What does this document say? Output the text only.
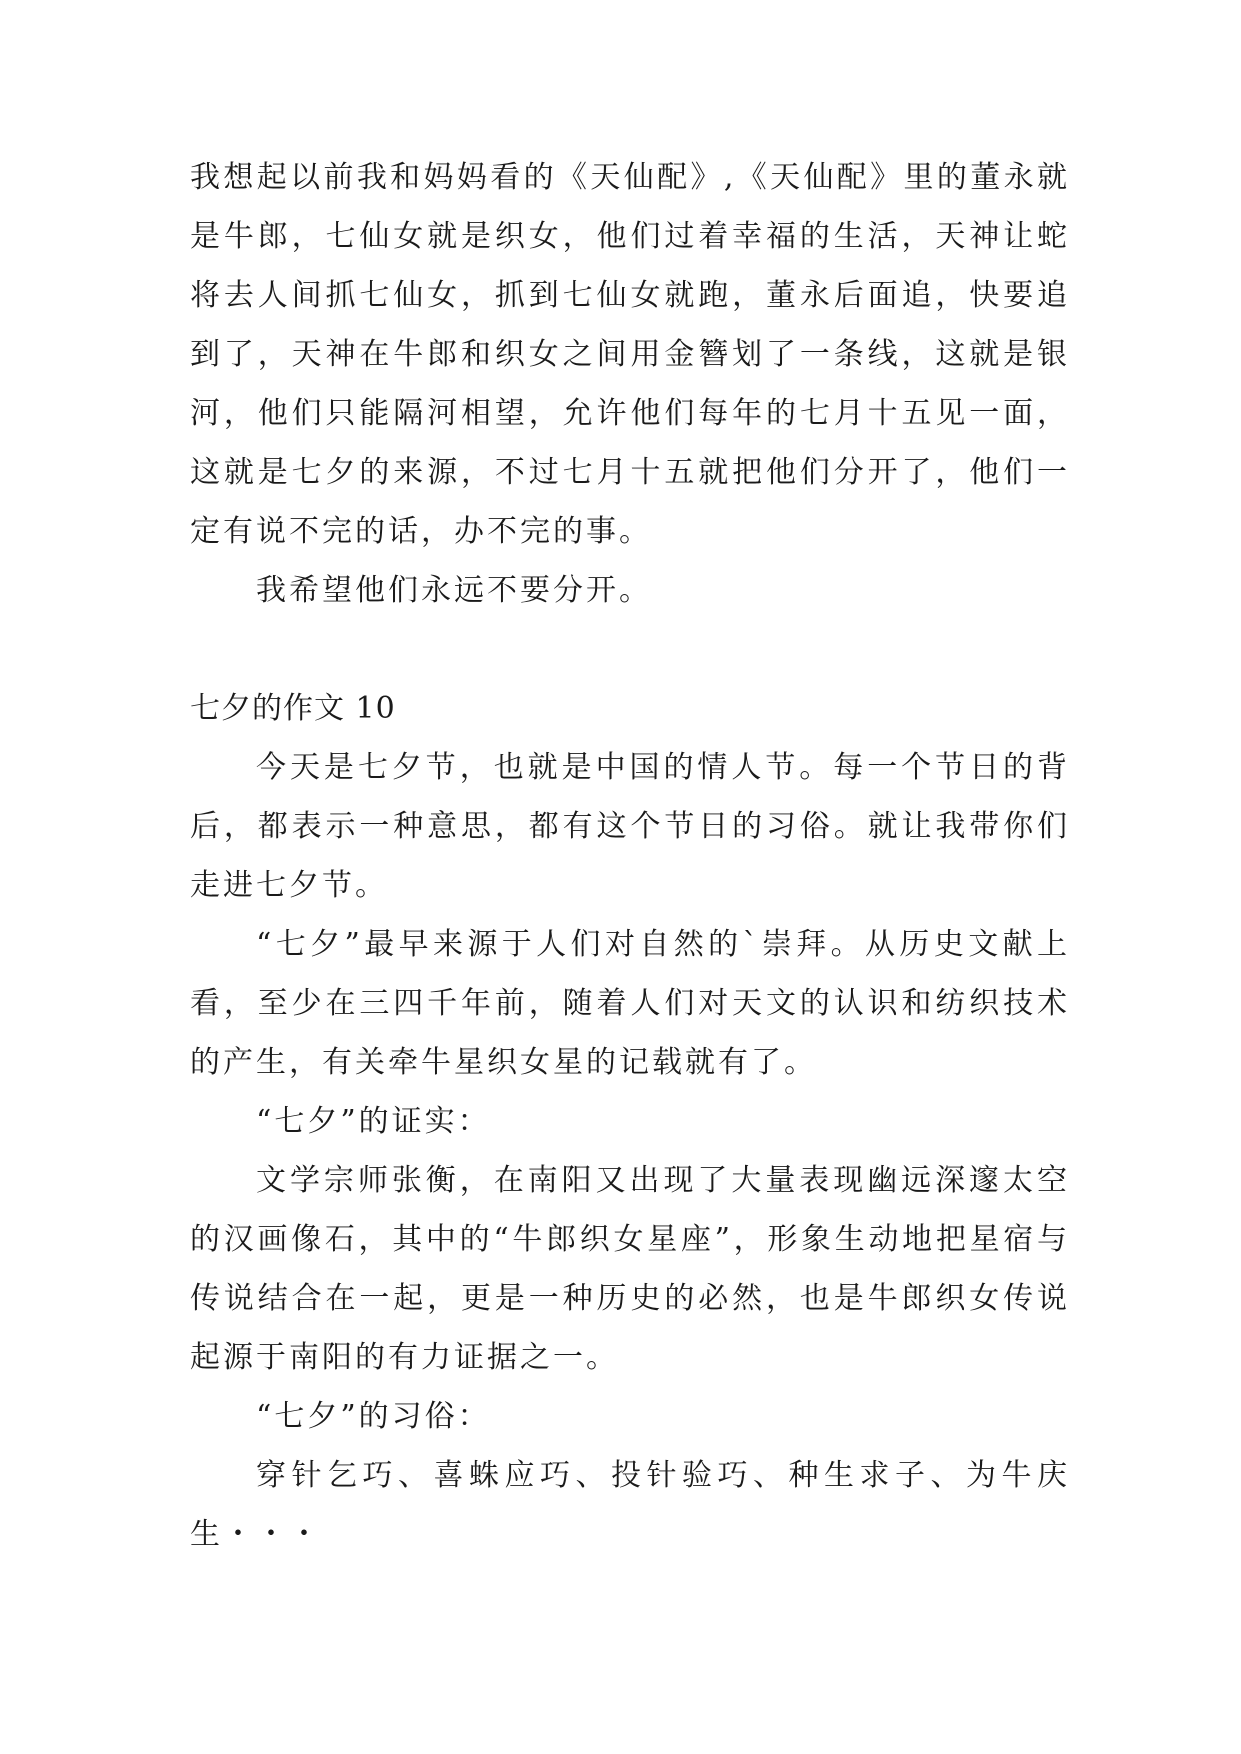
我想起以前我和妈妈看的《天仙配》,《天仙配》里的董永就是牛郎，七仙女就是织女，他们过着幸福的生活，天神让蛇将去人间抓七仙女，抓到七仙女就跑，董永后面追，快要追到了，天神在牛郎和织女之间用金簪划了一条线，这就是银河，他们只能隔河相望，允许他们每年的七月十五见一面，这就是七夕的来源，不过七月十五就把他们分开了，他们一定有说不完的话，办不完的事。

我希望他们永远不要分开。

七夕的作文 10

今天是七夕节，也就是中国的情人节。每一个节日的背后，都表示一种意思，都有这个节日的习俗。就让我带你们走进七夕节。

“七夕”最早来源于人们对自然的`崇拜。从历史文献上看，至少在三四千年前，随着人们对天文的认识和纺织技术的产生，有关牵牛星织女星的记载就有了。

“七夕”的证实：

文学宗师张衡，在南阳又出现了大量表现幽远深邃太空的汉画像石，其中的“牛郎织女星座”，形象生动地把星宿与传说结合在一起，更是一种历史的必然，也是牛郎织女传说起源于南阳的有力证据之一。

“七夕”的习俗：

穿针乞巧、喜蛛应巧、投针验巧、种生求子、为牛庆生・・・
